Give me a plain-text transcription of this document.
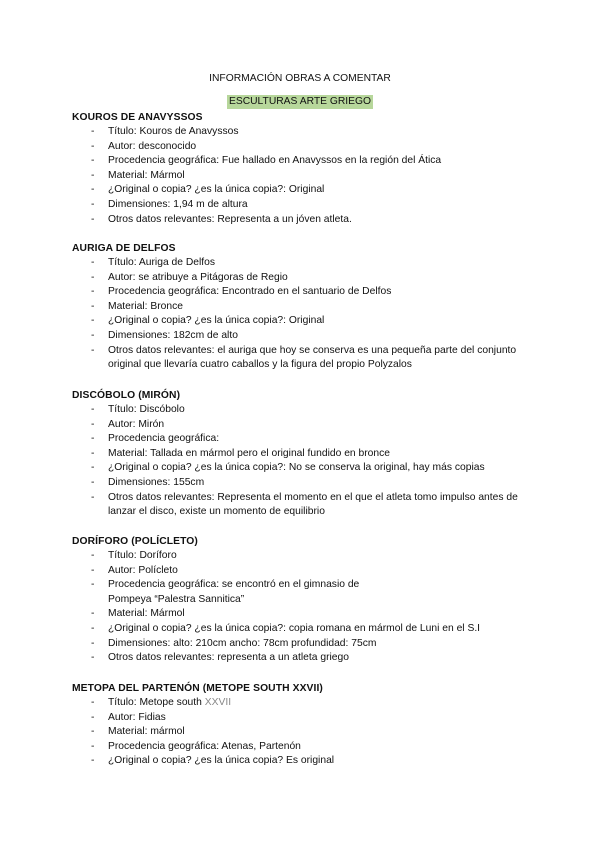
INFORMACIÓN OBRAS A COMENTAR
ESCULTURAS ARTE GRIEGO
KOUROS DE ANAVYSSOS
- Título: Kouros de Anavyssos
- Autor: desconocido
- Procedencia geográfica: Fue hallado en Anavyssos en la región del Ática
- Material: Mármol
- ¿Original o copia? ¿es la única copia?: Original
- Dimensiones: 1,94 m de altura
- Otros datos relevantes: Representa a un jóven atleta.
AURIGA DE DELFOS
- Título: Auriga de Delfos
- Autor: se atribuye a Pitágoras de Regio
- Procedencia geográfica: Encontrado en el santuario de Delfos
- Material: Bronce
- ¿Original o copia? ¿es la única copia?: Original
- Dimensiones: 182cm de alto
- Otros datos relevantes: el auriga que hoy se conserva es una pequeña parte del conjunto original que llevaría cuatro caballos y la figura del propio Polyzalos
DISCÓBOLO (MIRÓN)
- Título: Discóbolo
- Autor: Mirón
- Procedencia geográfica:
- Material: Tallada en mármol pero el original fundido en bronce
- ¿Original o copia? ¿es la única copia?: No se conserva la original, hay más copias
- Dimensiones: 155cm
- Otros datos relevantes: Representa el momento en el que el atleta tomo impulso antes de lanzar el disco, existe un momento de equilibrio
DORÍFORO (POLÍCLETO)
- Título: Doríforo
- Autor: Polícleto
- Procedencia geográfica: se encontró en el gimnasio de Pompeya “Palestra Sannitica”
- Material: Mármol
- ¿Original o copia? ¿es la única copia?: copia romana en mármol de Luni en el S.I
- Dimensiones: alto: 210cm ancho: 78cm profundidad: 75cm
- Otros datos relevantes: representa a un atleta griego
METOPA DEL PARTENÓN (METOPE SOUTH XXVII)
- Título: Metope south XXVII
- Autor: Fidias
- Material: mármol
- Procedencia geográfica: Atenas, Partenón
- ¿Original o copia? ¿es la única copia? Es original
